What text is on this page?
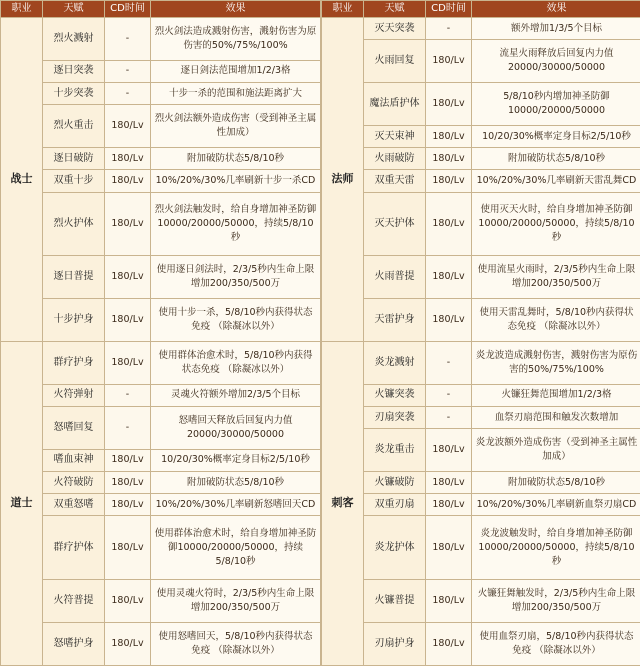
职业	天赋	CD时间	效果
战士	烈火溅射	-	烈火剑法造成溅射伤害，溅射伤害为原伤害的50%/75%/100%
	逐日突袭	-	逐日剑法范围增加1/2/3格
	十步突袭	-	十步一杀的范围和施法距离扩大
	烈火重击	180/Lv	烈火剑法额外造成伤害（受到神圣主属性加成）
	逐日破防	180/Lv	附加破防状态5/8/10秒
	双重十步	180/Lv	10%/20%/30%几率刷新十步一杀CD
	烈火护体	180/Lv	烈火剑法触发时，给自身增加神圣防御10000/20000/50000，持续5/8/10秒
	逐日普提	180/Lv	使用逐日剑法时，2/3/5秒内生命上限增加200/350/500万
	十步护身	180/Lv	使用十步一杀，5/8/10秒内获得状态免疫 （除凝冰以外）
道士	群疗护身	180/Lv	使用群体治愈术时，5/8/10秒内获得状态免疫 （除凝冰以外）
	火符弹射	-	灵魂火符额外增加2/3/5个目标
	怒嗜回复	-	怒嗜回天释放后回复内力值20000/30000/50000
	嗜血束神	180/Lv	10/20/30%概率定身目标2/5/10秒
	火符破防	180/Lv	附加破防状态5/8/10秒
	双重怒嗜	180/Lv	10%/20%/30%几率刷新怒嗜回天CD
	群疗护体	180/Lv	使用群体治愈术时，给自身增加神圣防御10000/20000/50000，持续5/8/10秒
	火符普提	180/Lv	使用灵魂火符时，2/3/5秒内生命上限增加200/350/500万
	怒嗜护身	180/Lv	使用怒嗜回天，5/8/10秒内获得状态免疫 （除凝冰以外）
职业	天赋	CD时间	效果
法师	灭天突袭	-	额外增加1/3/5个目标
	火雨回复	180/Lv	流星火雨释放后回复内力值20000/30000/50000
	魔法盾护体	180/Lv	5/8/10秒内增加神圣防御10000/20000/50000
	灭天束神	180/Lv	10/20/30%概率定身目标2/5/10秒
	火雨破防	180/Lv	附加破防状态5/8/10秒
	双重天雷	180/Lv	10%/20%/30%几率刷新天雷乱舞CD
	灭天护体	180/Lv	使用灭天火时，给自身增加神圣防御10000/20000/50000，持续5/8/10秒
	火雨普提	180/Lv	使用流星火雨时，2/3/5秒内生命上限增加200/350/500万
	天雷护身	180/Lv	使用天雷乱舞时，5/8/10秒内获得状态免疫 （除凝冰以外）
刺客	炎龙溅射	-	炎龙波造成溅射伤害，溅射伤害为原伤害的50%/75%/100%
	火镰突袭	-	火镰狂舞范围增加1/2/3格
	刃扇突袭	-	血祭刃扇范围和触发次数增加
	炎龙重击	180/Lv	炎龙波额外造成伤害（受到神圣主属性加成）
	火镰破防	180/Lv	附加破防状态5/8/10秒
	双重刃扇	180/Lv	10%/20%/30%几率刷新血祭刃扇CD
	炎龙护体	180/Lv	炎龙波触发时，给自身增加神圣防御10000/20000/50000，持续5/8/10秒
	火镰普提	180/Lv	火镰狂舞触发时，2/3/5秒内生命上限增加200/350/500万
	刃扇护身	180/Lv	使用血祭刃扇，5/8/10秒内获得状态免疫 （除凝冰以外）
